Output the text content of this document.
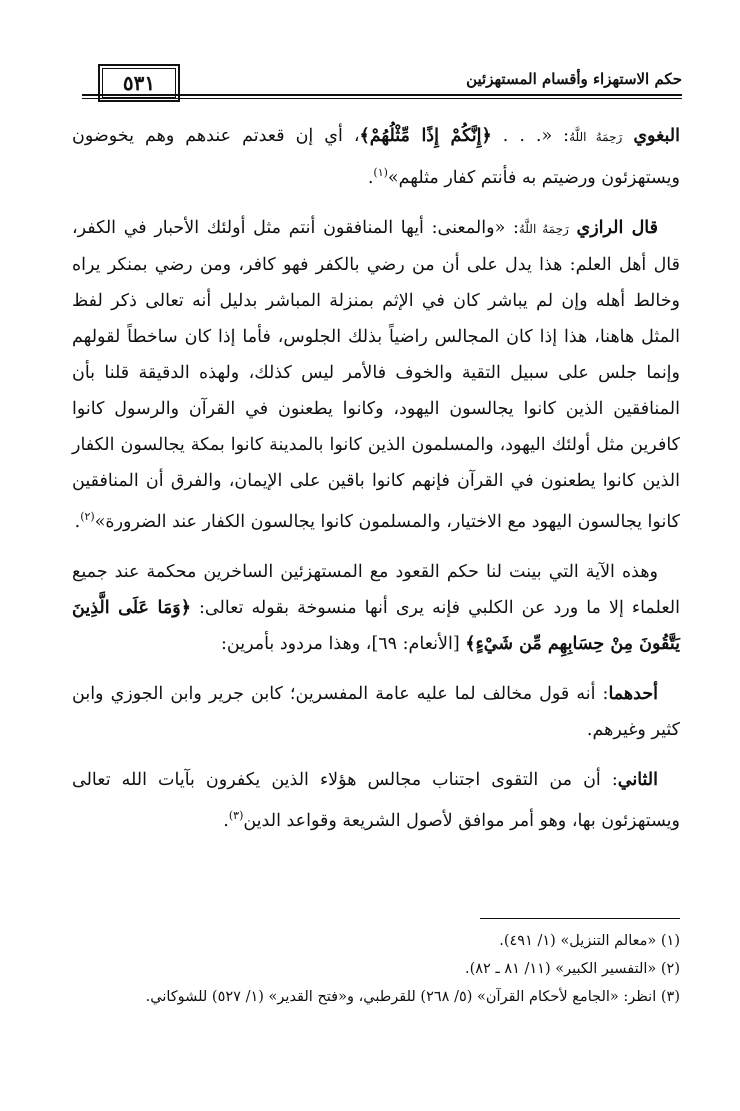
حكم الاستهزاء وأقسام المستهزئين
٥٣١

البغوي رَحِمَهُ اللَّهُ: «. . . ﴿إِنَّكُمْ إِذًا مِّثْلُهُمْ﴾، أي إن قعدتم عندهم وهم يخوضون ويستهزئون ورضيتم به فأنتم كفار مثلهم»$^{(١)}$.

قال الرازي رَحِمَهُ اللَّهُ: «والمعنى: أيها المنافقون أنتم مثل أولئك الأحبار في الكفر، قال أهل العلم: هذا يدل على أن من رضي بالكفر فهو كافر، ومن رضي بمنكر يراه وخالط أهله وإن لم يباشر كان في الإثم بمنزلة المباشر بدليل أنه تعالى ذكر لفظ المثل هاهنا، هذا إذا كان المجالس راضياً بذلك الجلوس، فأما إذا كان ساخطاً لقولهم وإنما جلس على سبيل التقية والخوف فالأمر ليس كذلك، ولهذه الدقيقة قلنا بأن المنافقين الذين كانوا يجالسون اليهود، وكانوا يطعنون في القرآن والرسول كانوا كافرين مثل أولئك اليهود، والمسلمون الذين كانوا بالمدينة كانوا بمكة يجالسون الكفار الذين كانوا يطعنون في القرآن فإنهم كانوا باقين على الإيمان، والفرق أن المنافقين كانوا يجالسون اليهود مع الاختيار، والمسلمون كانوا يجالسون الكفار عند الضرورة»$^{(٢)}$.

وهذه الآية التي بينت لنا حكم القعود مع المستهزئين الساخرين محكمة عند جميع العلماء إلا ما ورد عن الكلبي فإنه يرى أنها منسوخة بقوله تعالى: ﴿وَمَا عَلَى الَّذِينَ يَتَّقُونَ مِنْ حِسَابِهِم مِّن شَيْءٍ﴾ [الأنعام: ٦٩]، وهذا مردود بأمرين:

أحدهما: أنه قول مخالف لما عليه عامة المفسرين؛ كابن جرير وابن الجوزي وابن كثير وغيرهم.

الثاني: أن من التقوى اجتناب مجالس هؤلاء الذين يكفرون بآيات الله تعالى ويستهزئون بها، وهو أمر موافق لأصول الشريعة وقواعد الدين$^{(٣)}$.

(١) «معالم التنزيل» (١/ ٤٩١).

(٢) «التفسير الكبير» (١١/ ٨١ ـ ٨٢).

(٣) انظر: «الجامع لأحكام القرآن» (٥/ ٢٦٨) للقرطبي، و«فتح القدير» (١/ ٥٢٧) للشوكاني.
